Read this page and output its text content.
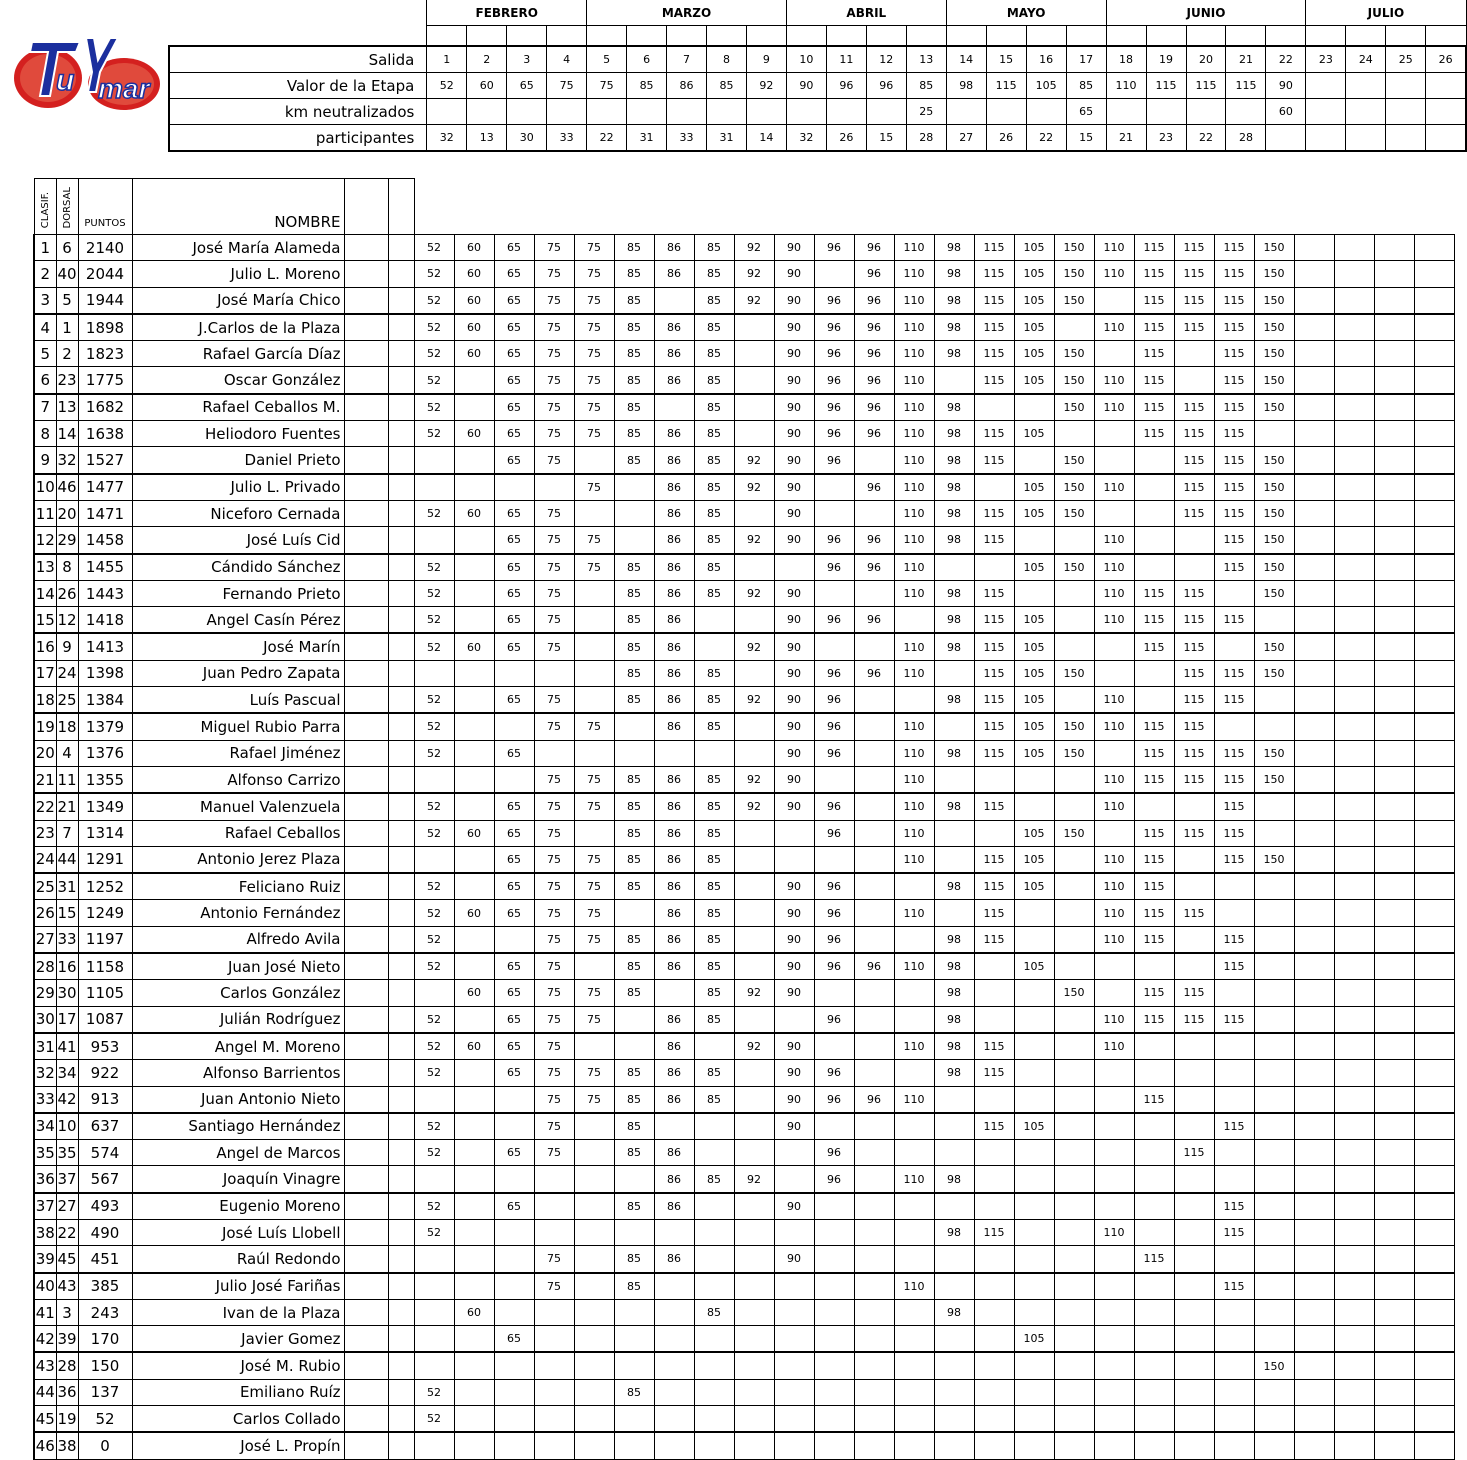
u mar
	FEBRERO				MARZO					ABRIL				MAYO				JUNIO					JULIO			

Salida	1	2	3	4	5	6	7	8	9	10	11	12	13	14	15	16	17	18	19	20	21	22	23	24	25	26
Valor de la Etapa	52	60	65	75	75	85	86	85	92	90	96	96	85	98	115	105	85	110	115	115	115	90				
km neutralizados													25				65					60				
participantes	32	13	30	33	22	31	33	31	14	32	26	15	28	27	26	22	15	21	23	22	28					
CLASIF.	DORSAL	PUNTOS	NOMBRE																												

1	6	2140	José María Alameda			52	60	65	75	75	85	86	85	92	90	96	96	110	98	115	105	150	110	115	115	115	150				
2	40	2044	Julio L. Moreno			52	60	65	75	75	85	86	85	92	90		96	110	98	115	105	150	110	115	115	115	150				
3	5	1944	José María Chico			52	60	65	75	75	85		85	92	90	96	96	110	98	115	105	150		115	115	115	150				
4	1	1898	J.Carlos de la Plaza			52	60	65	75	75	85	86	85		90	96	96	110	98	115	105		110	115	115	115	150				
5	2	1823	Rafael García Díaz			52	60	65	75	75	85	86	85		90	96	96	110	98	115	105	150		115		115	150				
6	23	1775	Oscar González			52		65	75	75	85	86	85		90	96	96	110		115	105	150	110	115		115	150				
7	13	1682	Rafael Ceballos M.			52		65	75	75	85		85		90	96	96	110	98			150	110	115	115	115	150				
8	14	1638	Heliodoro Fuentes			52	60	65	75	75	85	86	85		90	96	96	110	98	115	105			115	115	115					
9	32	1527	Daniel Prieto					65	75		85	86	85	92	90	96		110	98	115		150			115	115	150				
10	46	1477	Julio L. Privado							75		86	85	92	90		96	110	98		105	150	110		115	115	150				
11	20	1471	Niceforo Cernada			52	60	65	75			86	85		90			110	98	115	105	150			115	115	150				
12	29	1458	José Luís Cid					65	75	75		86	85	92	90	96	96	110	98	115			110			115	150				
13	8	1455	Cándido Sánchez			52		65	75	75	85	86	85			96	96	110			105	150	110			115	150				
14	26	1443	Fernando Prieto			52		65	75		85	86	85	92	90			110	98	115			110	115	115		150				
15	12	1418	Angel Casín Pérez			52		65	75		85	86			90	96	96		98	115	105		110	115	115	115					
16	9	1413	José Marín			52	60	65	75		85	86		92	90			110	98	115	105			115	115		150				
17	24	1398	Juan Pedro Zapata								85	86	85		90	96	96	110		115	105	150			115	115	150				
18	25	1384	Luís Pascual			52		65	75		85	86	85	92	90	96			98	115	105		110		115	115					
19	18	1379	Miguel Rubio Parra			52			75	75		86	85		90	96		110		115	105	150	110	115	115						
20	4	1376	Rafael Jiménez			52		65							90	96		110	98	115	105	150		115	115	115	150				
21	11	1355	Alfonso Carrizo						75	75	85	86	85	92	90			110					110	115	115	115	150				
22	21	1349	Manuel Valenzuela			52		65	75	75	85	86	85	92	90	96		110	98	115			110			115					
23	7	1314	Rafael Ceballos			52	60	65	75		85	86	85			96		110			105	150		115	115	115					
24	44	1291	Antonio Jerez Plaza					65	75	75	85	86	85					110		115	105		110	115		115	150				
25	31	1252	Feliciano Ruiz			52		65	75	75	85	86	85		90	96			98	115	105		110	115							
26	15	1249	Antonio Fernández			52	60	65	75	75		86	85		90	96		110		115			110	115	115						
27	33	1197	Alfredo Avila			52			75	75	85	86	85		90	96			98	115			110	115		115					
28	16	1158	Juan José Nieto			52		65	75		85	86	85		90	96	96	110	98		105					115					
29	30	1105	Carlos González				60	65	75	75	85		85	92	90				98			150		115	115						
30	17	1087	Julián Rodríguez			52		65	75	75		86	85			96			98				110	115	115	115					
31	41	953	Angel M. Moreno			52	60	65	75			86		92	90			110	98	115			110								
32	34	922	Alfonso Barrientos			52		65	75	75	85	86	85		90	96			98	115											
33	42	913	Juan Antonio Nieto						75	75	85	86	85		90	96	96	110						115							
34	10	637	Santiago Hernández			52			75		85				90					115	105					115					
35	35	574	Angel de Marcos			52		65	75		85	86				96									115						
36	37	567	Joaquín Vinagre									86	85	92		96		110	98												
37	27	493	Eugenio Moreno			52		65			85	86			90											115					
38	22	490	José Luís Llobell			52													98	115			110			115					
39	45	451	Raúl Redondo						75		85	86			90									115							
40	43	385	Julio José Fariñas						75		85							110								115					
41	3	243	Ivan de la Plaza				60						85						98												
42	39	170	Javier Gomez					65													105										
43	28	150	José M. Rubio																								150				
44	36	137	Emiliano Ruíz			52					85																				
45	19	52	Carlos Collado			52																									
46	38	0	José L. Propín																												
